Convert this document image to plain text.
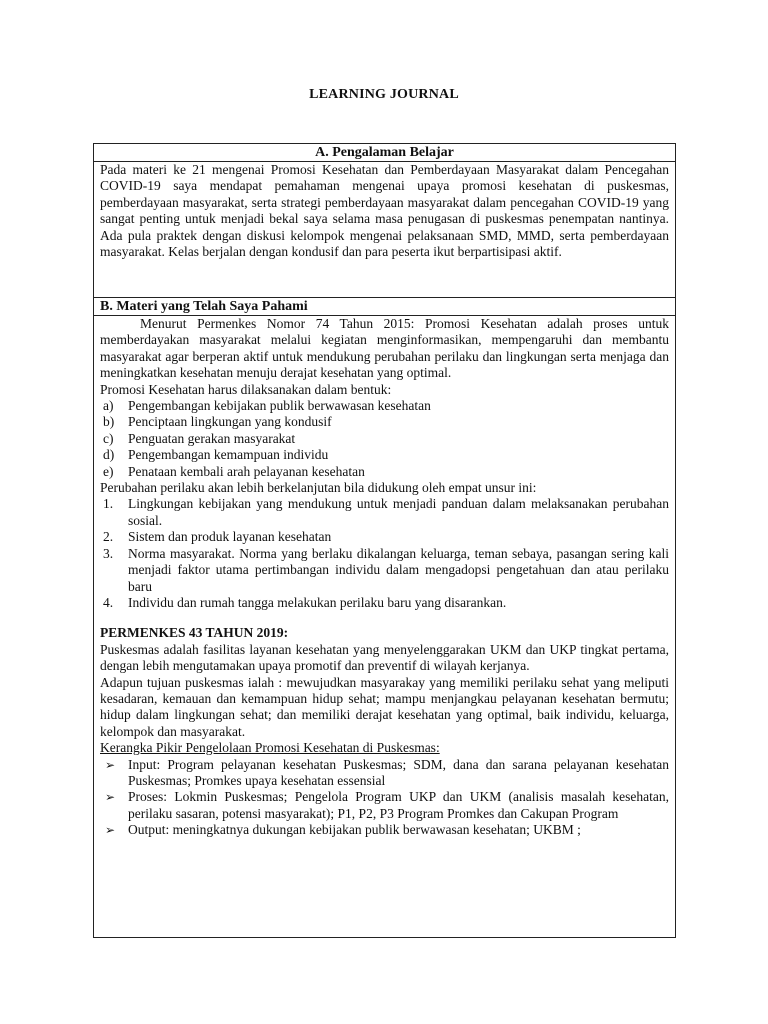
LEARNING JOURNAL
A. Pengalaman Belajar

Pada materi ke 21 mengenai Promosi Kesehatan dan Pemberdayaan Masyarakat dalam Pencegahan COVID-19 saya mendapat pemahaman mengenai upaya promosi kesehatan di puskesmas, pemberdayaan masyarakat, serta strategi pemberdayaan masyarakat dalam pencegahan COVID-19 yang sangat penting untuk menjadi bekal saya selama masa penugasan di puskesmas penempatan nantinya. Ada pula praktek dengan diskusi kelompok mengenai pelaksanaan SMD, MMD, serta pemberdayaan masyarakat. Kelas berjalan dengan kondusif dan para peserta ikut berpartisipasi aktif.

B. Materi yang Telah Saya Pahami

Menurut Permenkes Nomor 74 Tahun 2015: Promosi Kesehatan adalah proses untuk memberdayakan masyarakat melalui kegiatan menginformasikan, mempengaruhi dan membantu masyarakat agar berperan aktif untuk mendukung perubahan perilaku dan lingkungan serta menjaga dan meningkatkan kesehatan menuju derajat kesehatan yang optimal.

Promosi Kesehatan harus dilaksanakan dalam bentuk:

a) Pengembangan kebijakan publik berwawasan kesehatan
b) Penciptaan lingkungan yang kondusif
c) Penguatan gerakan masyarakat
d) Pengembangan kemampuan individu
e) Penataan kembali arah pelayanan kesehatan

Perubahan perilaku akan lebih berkelanjutan bila didukung oleh empat unsur ini:

1. Lingkungan kebijakan yang mendukung untuk menjadi panduan dalam melaksanakan perubahan sosial.
2. Sistem dan produk layanan kesehatan
3. Norma masyarakat. Norma yang berlaku dikalangan keluarga, teman sebaya, pasangan sering kali menjadi faktor utama pertimbangan individu dalam mengadopsi pengetahuan dan atau perilaku baru
4. Individu dan rumah tangga melakukan perilaku baru yang disarankan.

PERMENKES 43 TAHUN 2019:

Puskesmas adalah fasilitas layanan kesehatan yang menyelenggarakan UKM dan UKP tingkat pertama, dengan lebih mengutamakan upaya promotif dan preventif di wilayah kerjanya.

Adapun tujuan puskesmas ialah : mewujudkan masyarakay yang memiliki perilaku sehat yang meliputi kesadaran, kemauan dan kemampuan hidup sehat; mampu menjangkau pelayanan kesehatan bermutu; hidup dalam lingkungan sehat; dan memiliki derajat kesehatan yang optimal, baik individu, keluarga, kelompok dan masyarakat.

Kerangka Pikir Pengelolaan Promosi Kesehatan di Puskesmas:

➢ Input: Program pelayanan kesehatan Puskesmas; SDM, dana dan sarana pelayanan kesehatan Puskesmas; Promkes upaya kesehatan essensial
➢ Proses: Lokmin Puskesmas; Pengelola Program UKP dan UKM (analisis masalah kesehatan, perilaku sasaran, potensi masyarakat); P1, P2, P3 Program Promkes dan Cakupan Program
➢ Output: meningkatnya dukungan kebijakan publik berwawasan kesehatan; UKBM ;
